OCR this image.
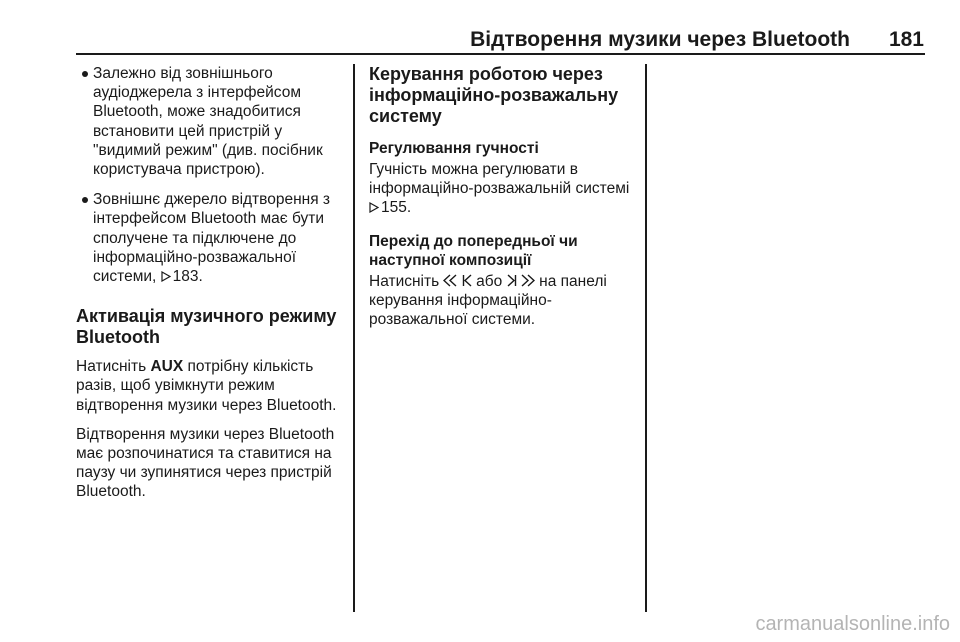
Відтворення музики через Bluetooth	181
Залежно від зовнішнього аудіоджерела з інтерфейсом Bluetooth, може знадобитися встановити цей пристрій у "видимий режим" (див. посібник користувача пристрою).
Зовнішнє джерело відтворення з інтерфейсом Bluetooth має бути сполучене та підключене до інформаційно-розважальної системи, 183.
Активація музичного режиму Bluetooth

Натисніть AUX потрібну кількість разів, щоб увімкнути режим відтворення музики через Bluetooth.

Відтворення музики через Bluetooth має розпочинатися та ставитися на паузу чи зупинятися через пристрій Bluetooth.

Керування роботою через інформаційно-розважальну систему
Регулювання гучності
Гучність можна регулювати в інформаційно-розважальній системі 155.
Перехід до попередньої чи наступної композиції
Натисніть або на панелі керування інформаційно-розважальної системи.
carmanualsonline.info
